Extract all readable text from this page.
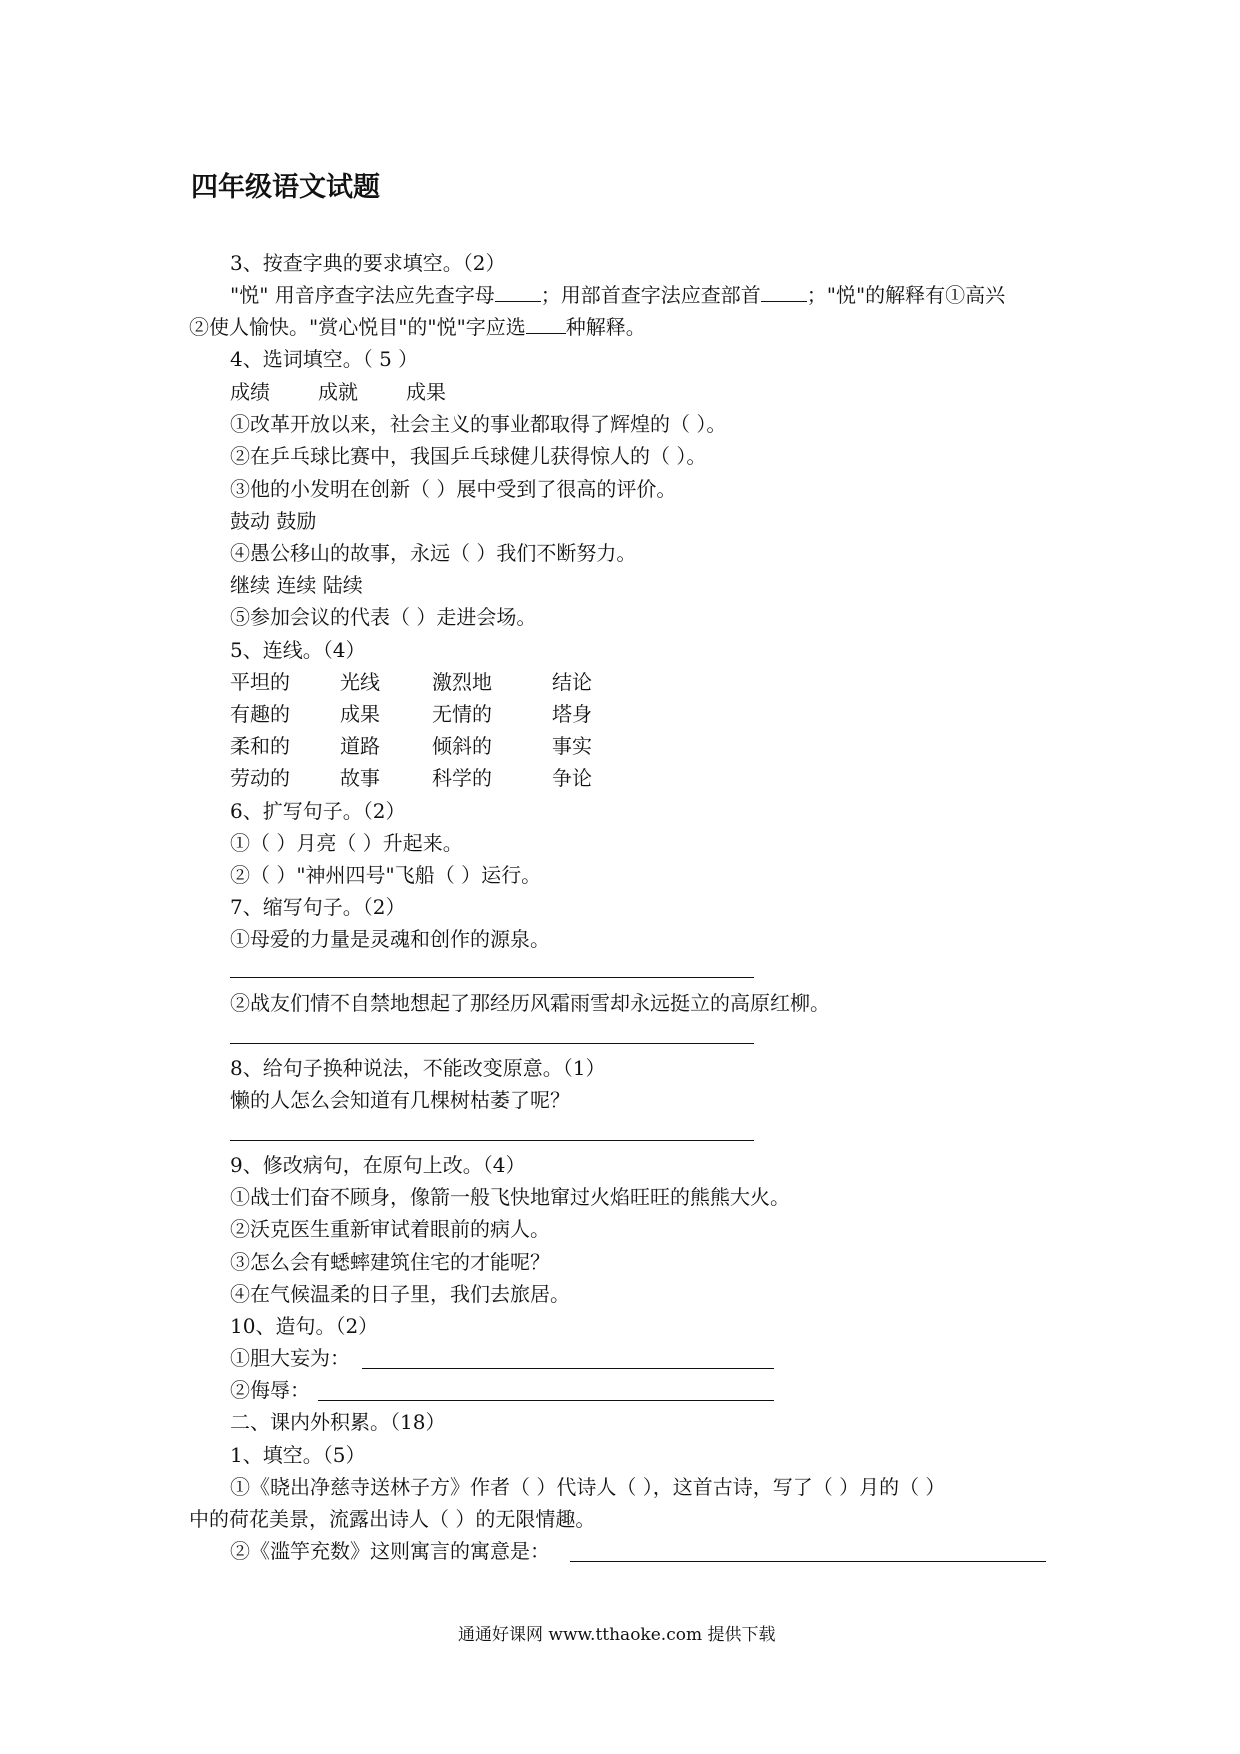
四年级语文试题
3、按查字典的要求填空。（2）
"悦" 用音序查字法应先查字母 ；用部首查字法应查部首 ；"悦"的解释有①高兴
②使人愉快。"赏心悦目"的"悦"字应选 种解释。
4、选词填空。（ 5 ）
成绩 成就 成果
①改革开放以来，社会主义的事业都取得了辉煌的（ ）。
②在乒乓球比赛中，我国乒乓球健儿获得惊人的（ ）。
③他的小发明在创新（ ）展中受到了很高的评价。
鼓动 鼓励
④愚公移山的故事，永远（ ）我们不断努力。
继续 连续 陆续
⑤参加会议的代表（ ）走进会场。
5、连线。（4）
平坦的	光线	激烈地	结论
有趣的	成果	无情的	塔身
柔和的	道路	倾斜的	事实
劳动的	故事	科学的	争论
6、扩写句子。（2）
①（ ）月亮（ ）升起来。
②（ ）"神州四号"飞船（ ）运行。
7、缩写句子。（2）
①母爱的力量是灵魂和创作的源泉。
②战友们情不自禁地想起了那经历风霜雨雪却永远挺立的高原红柳。
8、给句子换种说法，不能改变原意。（1）
懒的人怎么会知道有几棵树枯萎了呢？
9、修改病句，在原句上改。（4）
①战士们奋不顾身，像箭一般飞快地窜过火焰旺旺的熊熊大火。
②沃克医生重新审试着眼前的病人。
③怎么会有蟋蟀建筑住宅的才能呢？
④在气候温柔的日子里，我们去旅居。
10、造句。（2）
①胆大妄为：
②侮辱：
二、课内外积累。（18）
1、填空。（5）
①《晓出净慈寺送林子方》作者（ ）代诗人（ ），这首古诗，写了（ ）月的（ ）
中的荷花美景，流露出诗人（ ）的无限情趣。
②《滥竽充数》这则寓言的寓意是：
通通好课网 www.tthaoke.com 提供下载
